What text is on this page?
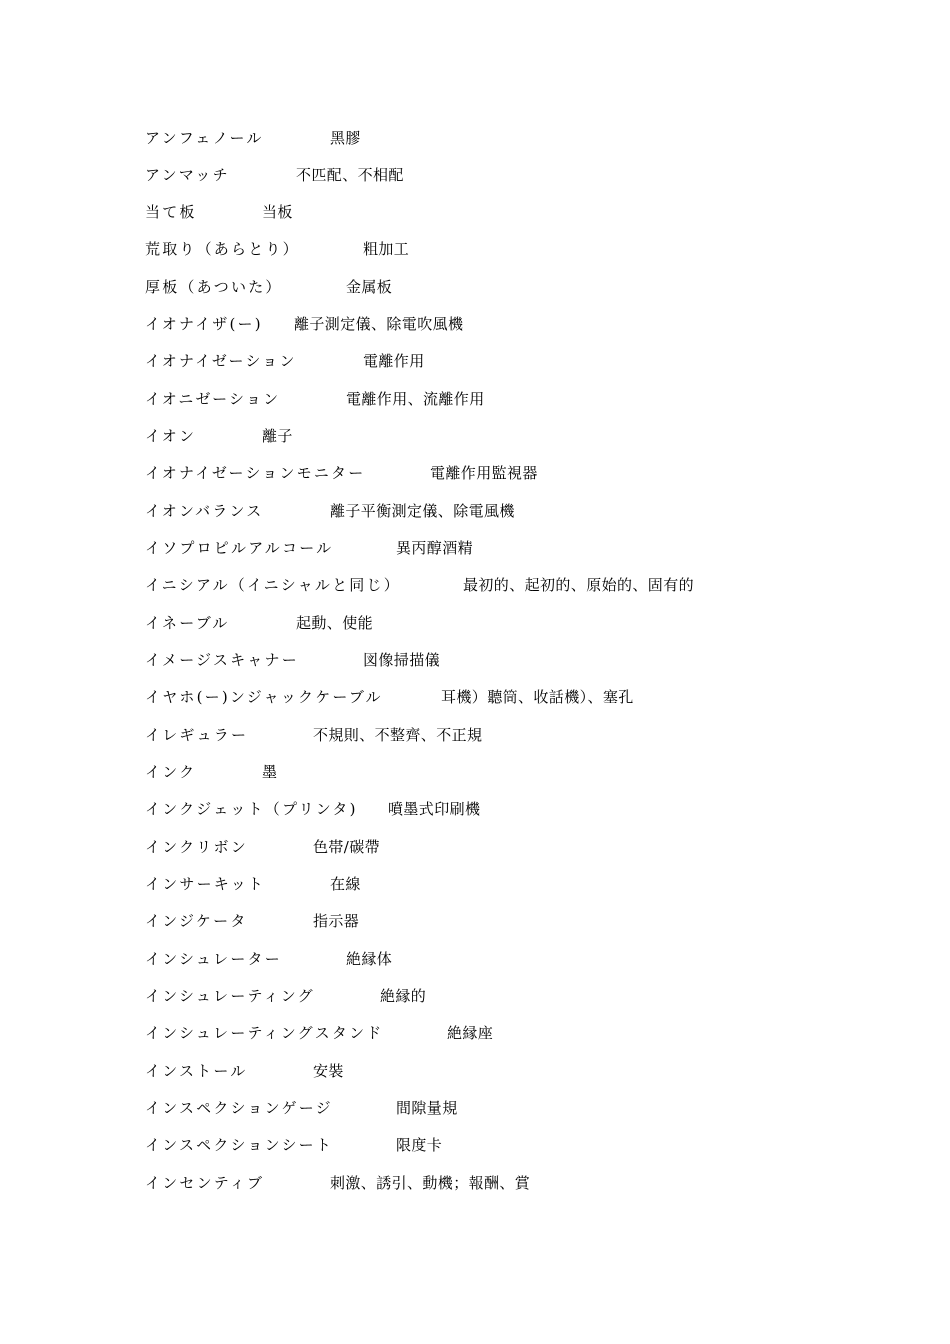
アンフェノール	黑膠
アンマッチ	不匹配、不相配
当て板	当板
荒取り（あらとり）	粗加工
厚板（あついた）	金属板
イオナイザ(ー) 離子測定儀、除電吹風機
イオナイゼーション	電離作用
イオニゼーション	電離作用、流離作用
イオン	離子
イオナイゼーションモニター	電離作用監視器
イオンバランス	離子平衡測定儀、除電風機
イソプロピルアルコール	異丙醇酒精
イニシアル（イニシャルと同じ）	最初的、起初的、原始的、固有的
イネーブル	起動、使能
イメージスキャナー	図像掃描儀
イヤホ(ー)ンジャックケーブル	耳機）聽筒、收話機）、塞孔
イレギュラー	不規則、不整齊、不正規
インク	墨
インクジェット（プリンタ) 噴墨式印刷機
インクリボン	色帯/碳帶
インサーキット	在線
インジケータ	指示器
インシュレーター	絶縁体
インシュレーティング	絶縁的
インシュレーティングスタンド	絶縁座
インストール	安裝
インスペクションゲージ	間隙量規
インスペクションシート	限度卡
インセンティブ	刺激、誘引、動機；報酬、賞
